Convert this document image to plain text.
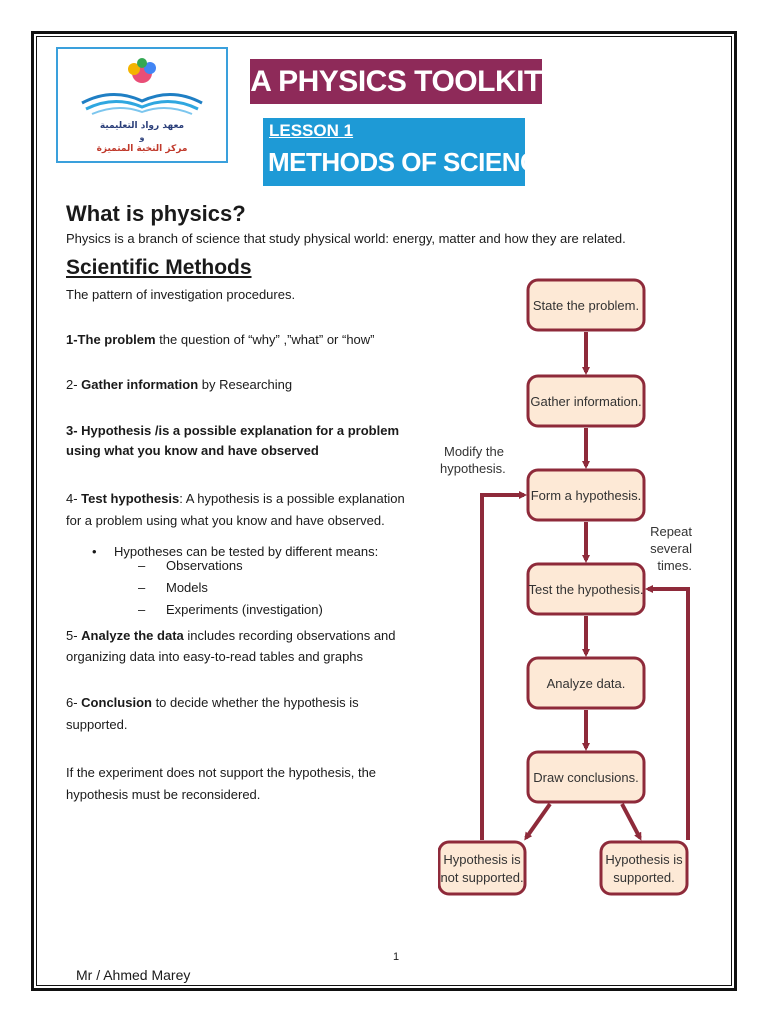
معهد رواد التعليمية
و
مركز النخبة المتميزة
A PHYSICS TOOLKIT
LESSON 1
METHODS OF SCIENCE
What is physics?
Physics is a branch of science that study physical world: energy, matter and how they are related.
Scientific Methods
The pattern of investigation procedures.
1-The problem the question of “why” ,”what” or “how”
2- Gather information by Researching
3- Hypothesis /is a possible explanation for a problem
using what you know and have observed
4- Test hypothesis: A hypothesis is a possible explanation
for a problem using what you know and have observed.
• Hypotheses can be tested by different means:
– Observations
– Models
– Experiments (investigation)
5- Analyze the data includes recording observations and
organizing data into easy-to-read tables and graphs
6- Conclusion to decide whether the hypothesis is
supported.
If the experiment does not support the hypothesis, the
hypothesis must be reconsidered.
State the problem.
Gather information.
Form a hypothesis.
Test the hypothesis.
Analyze data.
Draw conclusions.
Hypothesis is
not supported.
Hypothesis is
supported.
Modify the
hypothesis.
Repeat
several
times.
1
Mr / Ahmed Marey
